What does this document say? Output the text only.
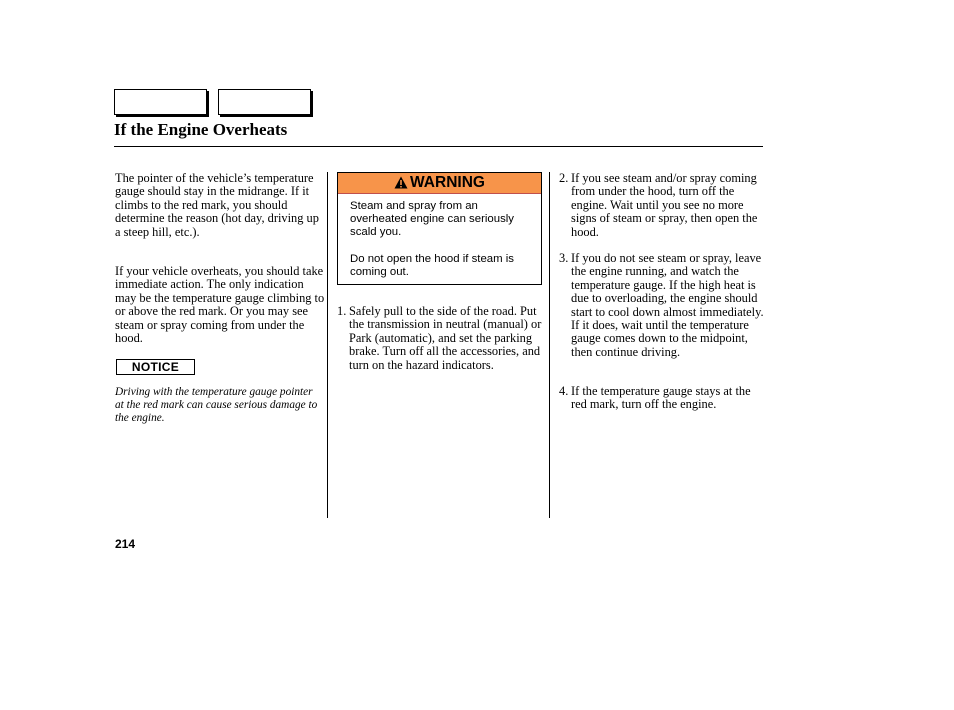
If the Engine Overheats

The pointer of the vehicle’s temperature gauge should stay in the midrange. If it climbs to the red mark, you should determine the reason (hot day, driving up a steep hill, etc.).

If your vehicle overheats, you should take immediate action. The only indication may be the temperature gauge climbing to or above the red mark. Or you may see steam or spray coming from under the hood.

NOTICE

Driving with the temperature gauge pointer at the red mark can cause serious damage to the engine.

WARNING

Steam and spray from an overheated engine can seriously scald you.

Do not open the hood if steam is coming out.

1. Safely pull to the side of the road. Put the transmission in neutral (manual) or Park (automatic), and set the parking brake. Turn off all the accessories, and turn on the hazard indicators.
2. If you see steam and/or spray coming from under the hood, turn off the engine. Wait until you see no more signs of steam or spray, then open the hood.
3. If you do not see steam or spray, leave the engine running, and watch the temperature gauge. If the high heat is due to overloading, the engine should start to cool down almost immediately. If it does, wait until the temperature gauge comes down to the midpoint, then continue driving.
4. If the temperature gauge stays at the red mark, turn off the engine.
214
